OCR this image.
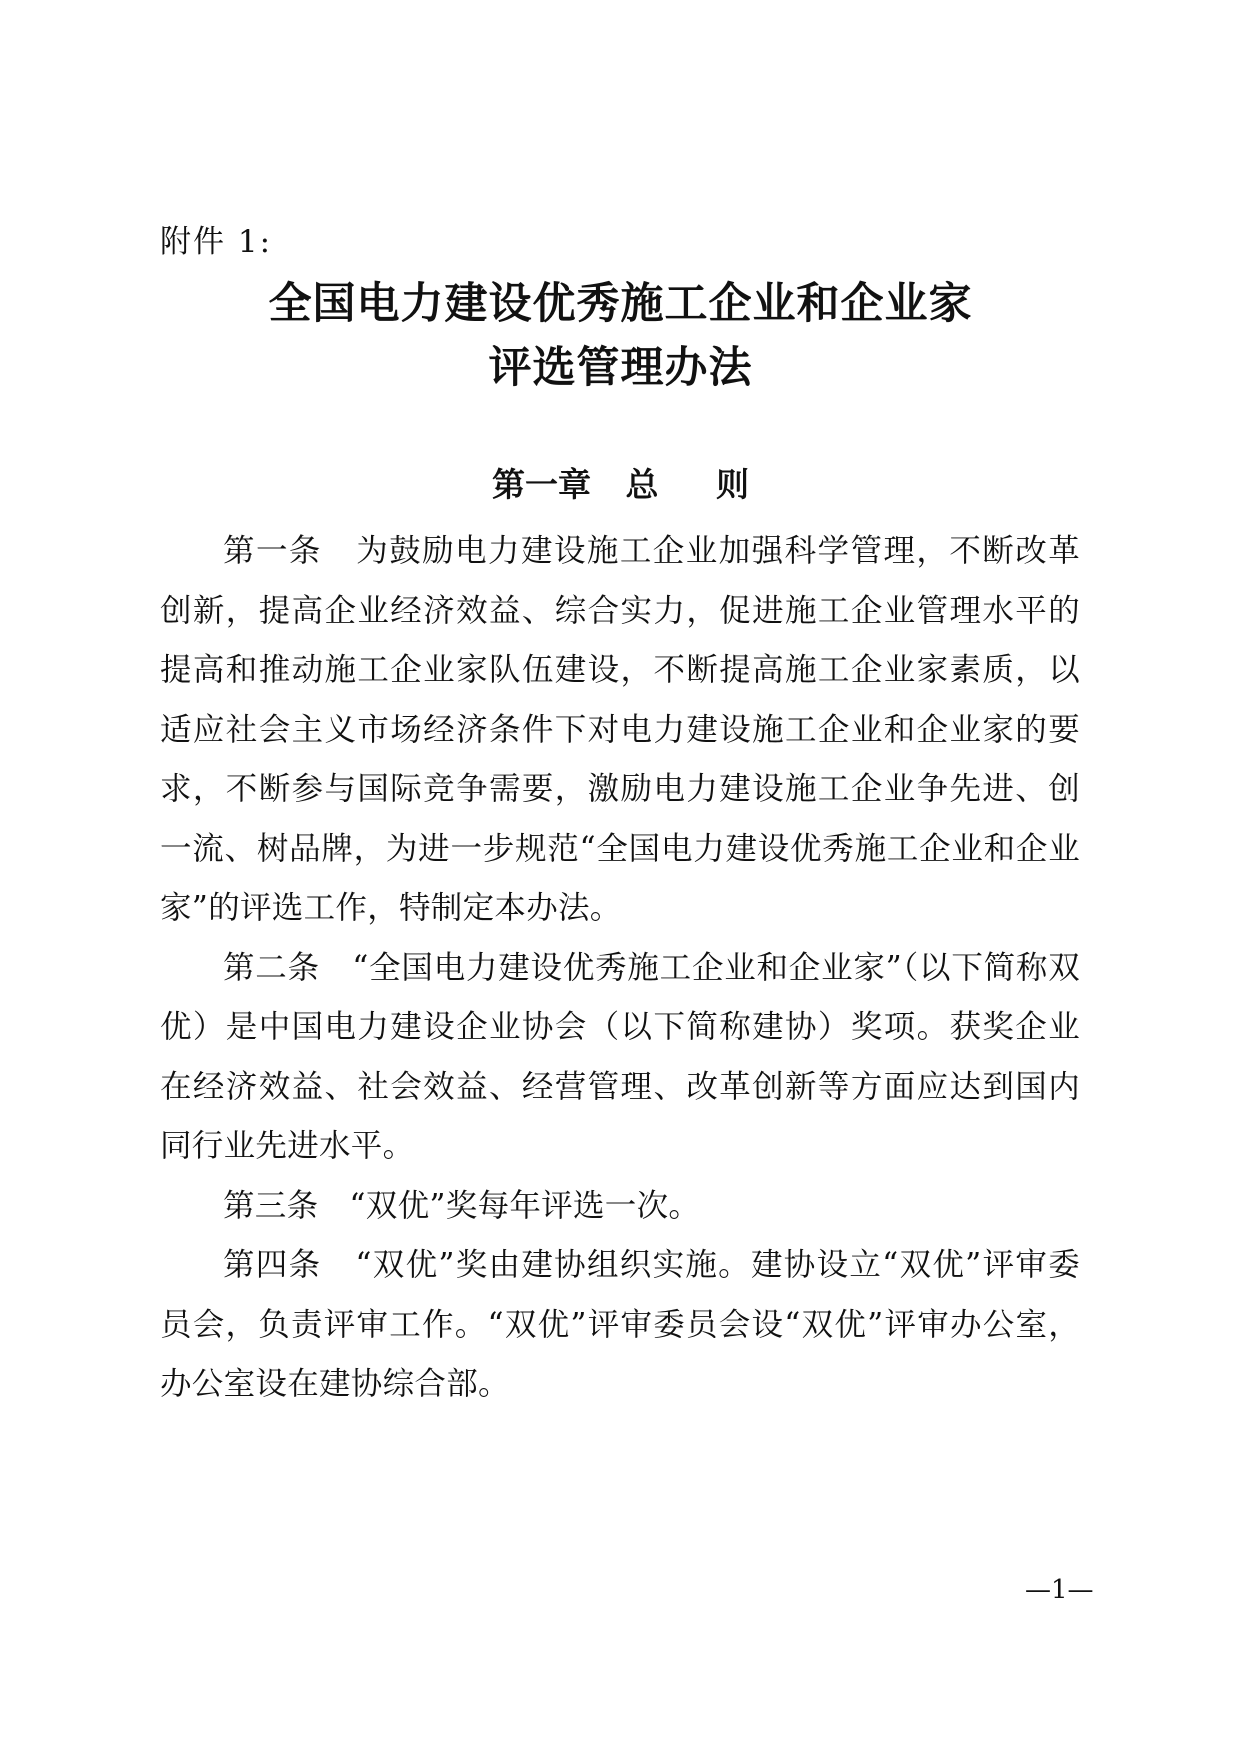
附件 1:
全国电力建设优秀施工企业和企业家
评选管理办法
第一章   总     则

第一条 为鼓励电力建设施工企业加强科学管理，不断改革创新，提高企业经济效益、综合实力，促进施工企业管理水平的提高和推动施工企业家队伍建设，不断提高施工企业家素质，以适应社会主义市场经济条件下对电力建设施工企业和企业家的要求，不断参与国际竞争需要，激励电力建设施工企业争先进、创一流、树品牌，为进一步规范“全国电力建设优秀施工企业和企业家”的评选工作，特制定本办法。

第二条 “全国电力建设优秀施工企业和企业家”（以下简称双优）是中国电力建设企业协会（以下简称建协）奖项。获奖企业在经济效益、社会效益、经营管理、改革创新等方面应达到国内同行业先进水平。

第三条 “双优”奖每年评选一次。

第四条 “双优”奖由建协组织实施。建协设立“双优”评审委员会，负责评审工作。“双优”评审委员会设“双优”评审办公室，办公室设在建协综合部。

—1—
